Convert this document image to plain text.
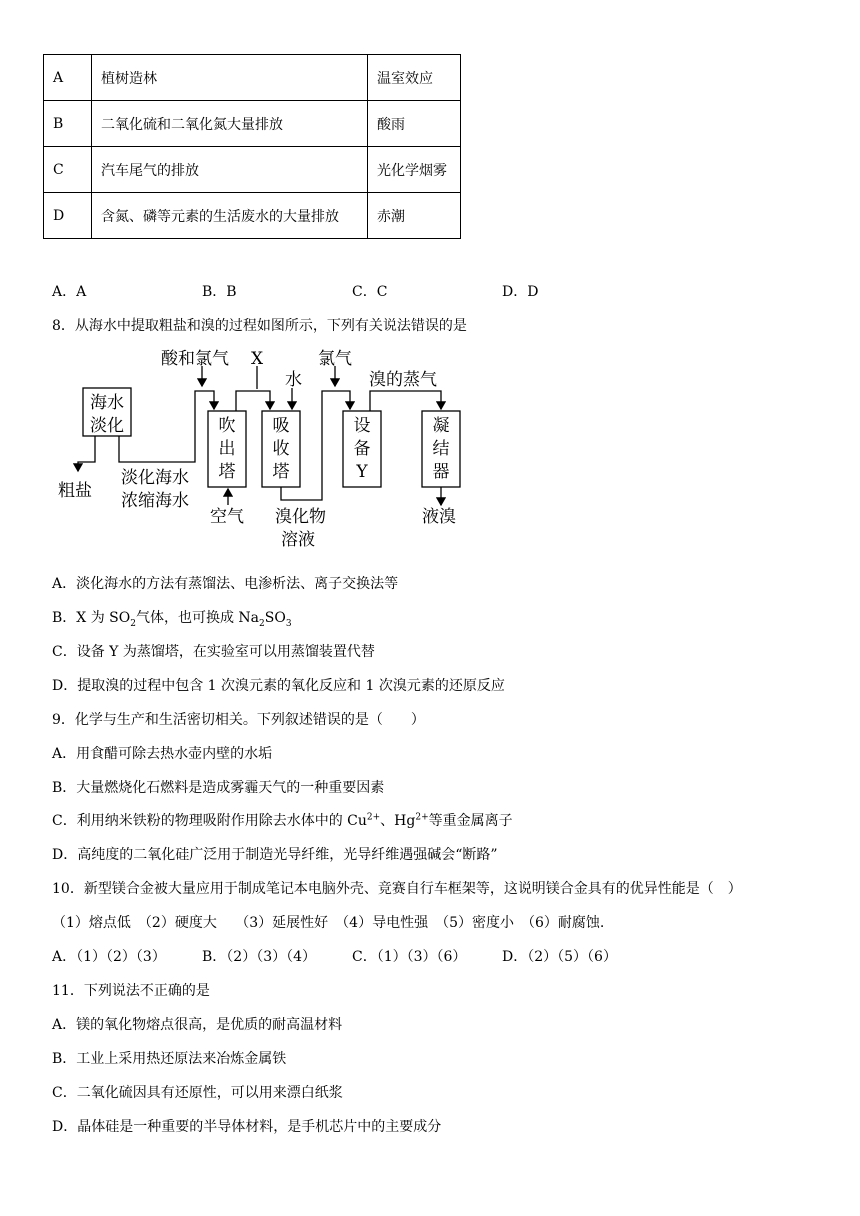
A	植树造林	温室效应
B	二氧化硫和二氧化氮大量排放	酸雨
C	汽车尾气的排放	光化学烟雾
D	含氮、磷等元素的生活废水的大量排放	赤潮
A．A	B．B	C．C	D．D
8．从海水中提取粗盐和溴的过程如图所示，下列有关说法错误的是
海水
淡化	吹
出
塔
吸
收
塔
设
备
Y
凝
结
器
酸和氯气 X
水
氯气
溴的蒸气
粗盐
淡化海水
浓缩海水
空气 溴化物
溶液
液溴
A．淡化海水的方法有蒸馏法、电渗析法、离子交换法等
B．X 为 $SO_2$气体，也可换成 $Na_2SO_3$
C．设备 Y 为蒸馏塔，在实验室可以用蒸馏装置代替
D．提取溴的过程中包含 1 次溴元素的氧化反应和 1 次溴元素的还原反应
9．化学与生产和生活密切相关。下列叙述错误的是（　　）
A．用食醋可除去热水壶内壁的水垢
B．大量燃烧化石燃料是造成雾霾天气的一种重要因素
C．利用纳米铁粉的物理吸附作用除去水体中的 $Cu^{2+}$、$Hg^{2+}$等重金属离子
D．高纯度的二氧化硅广泛用于制造光导纤维，光导纤维遇强碱会“断路”
10．新型镁合金被大量应用于制成笔记本电脑外壳、竞赛自行车框架等，这说明镁合金具有的优异性能是（　）
（1）熔点低　（2）硬度大　 （3）延展性好　（4）导电性强　（5）密度小　（6）耐腐蚀.
A．（1）（2）（3）	B．（2）（3）（4）	C．（1）（3）（6）	D．（2）（5）（6）
11．下列说法不正确的是
A．镁的氧化物熔点很高，是优质的耐高温材料
B．工业上采用热还原法来冶炼金属铁
C．二氧化硫因具有还原性，可以用来漂白纸浆
D．晶体硅是一种重要的半导体材料，是手机芯片中的主要成分
